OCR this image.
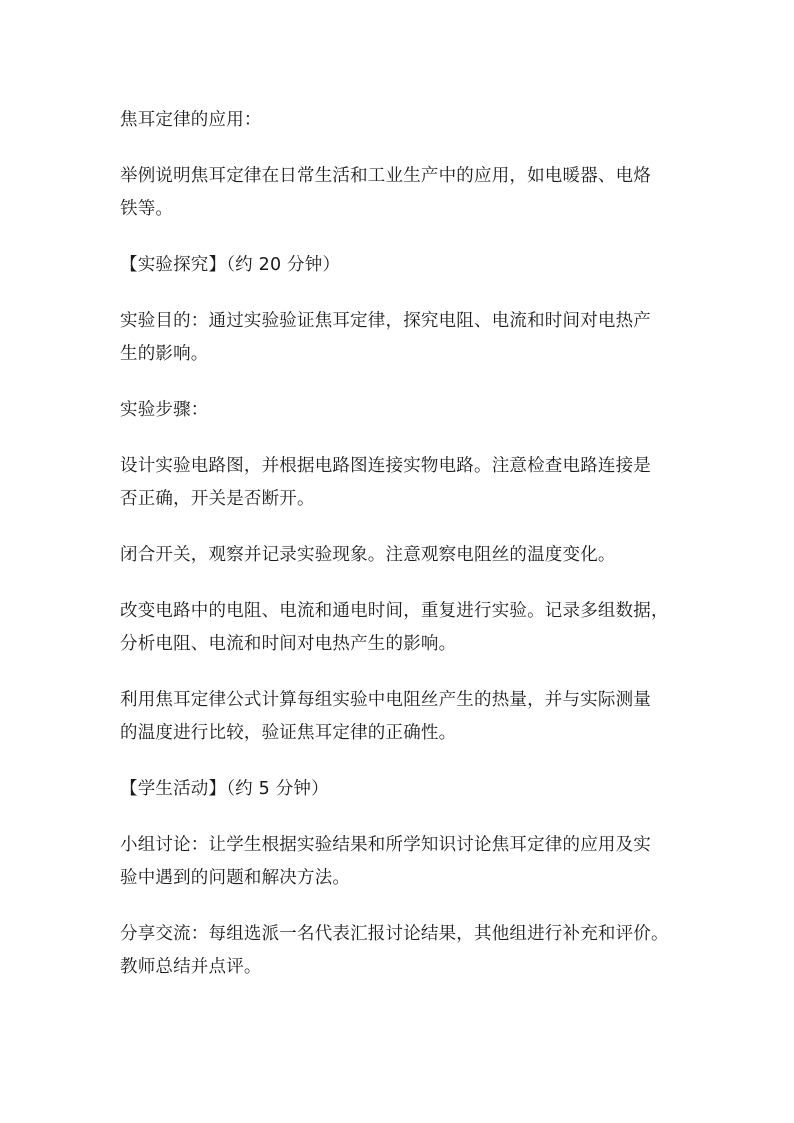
焦耳定律的应用：

举例说明焦耳定律在日常生活和工业生产中的应用，如电暖器、电烙
铁等。

【实验探究】（约 20 分钟）

实验目的：通过实验验证焦耳定律，探究电阻、电流和时间对电热产
生的影响。

实验步骤：

设计实验电路图，并根据电路图连接实物电路。注意检查电路连接是
否正确，开关是否断开。

闭合开关，观察并记录实验现象。注意观察电阻丝的温度变化。

改变电路中的电阻、电流和通电时间，重复进行实验。记录多组数据，
分析电阻、电流和时间对电热产生的影响。

利用焦耳定律公式计算每组实验中电阻丝产生的热量，并与实际测量
的温度进行比较，验证焦耳定律的正确性。

【学生活动】（约 5 分钟）

小组讨论：让学生根据实验结果和所学知识讨论焦耳定律的应用及实
验中遇到的问题和解决方法。

分享交流：每组选派一名代表汇报讨论结果，其他组进行补充和评价。
教师总结并点评。
